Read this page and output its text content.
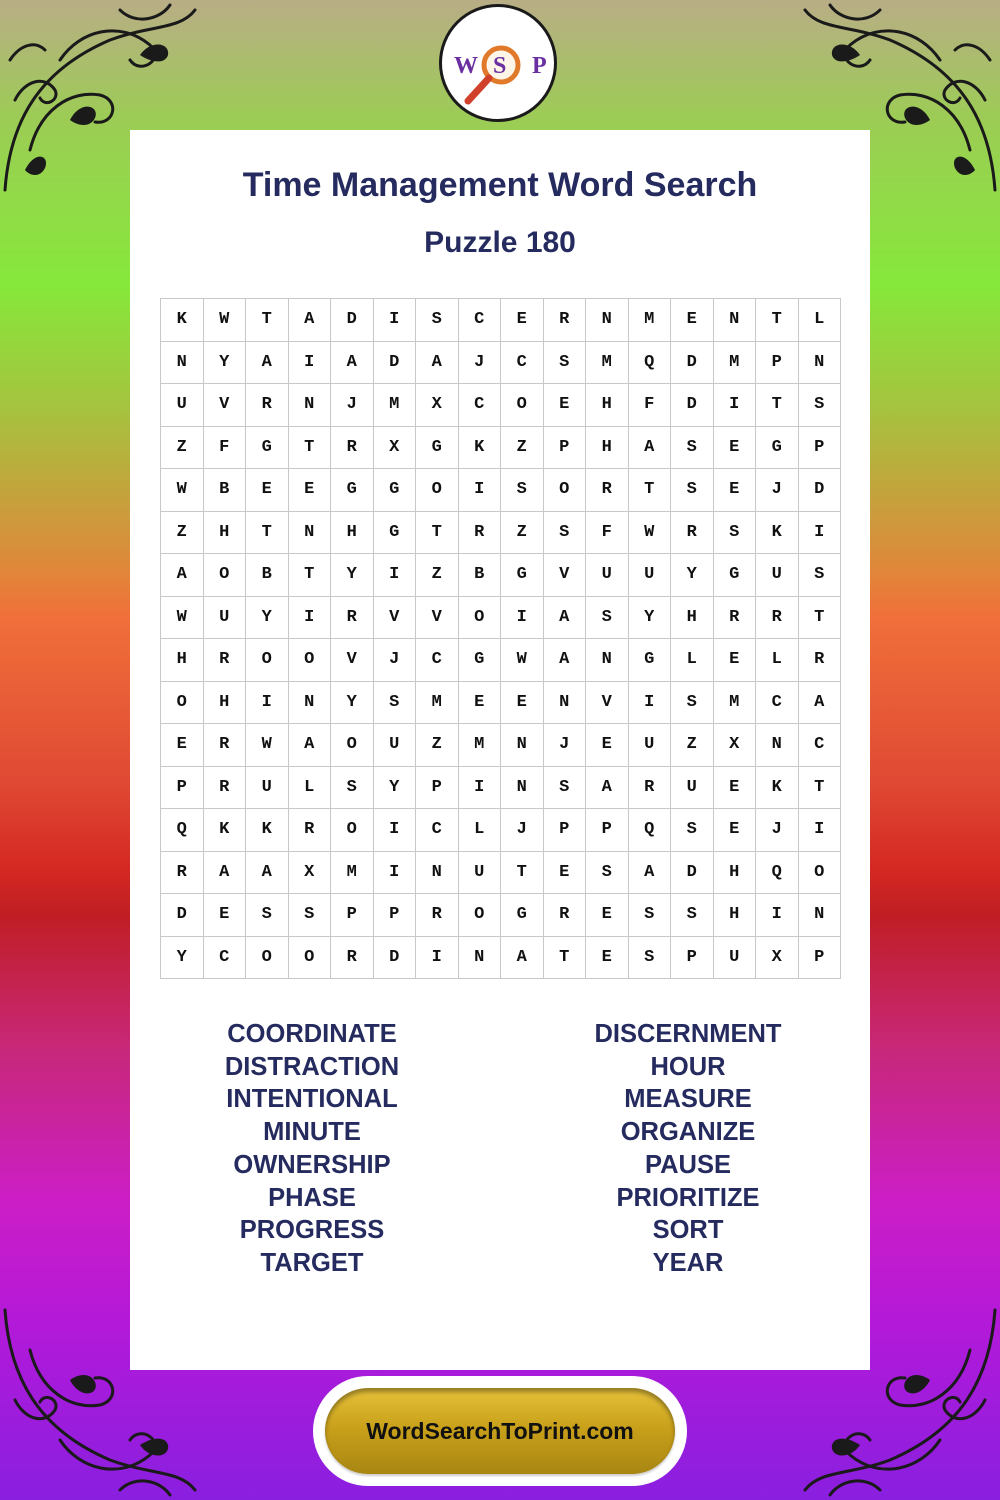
W S P
Time Management Word Search
Puzzle 180
K	W	T	A	D	I	S	C	E	R	N	M	E	N	T	L
N	Y	A	I	A	D	A	J	C	S	M	Q	D	M	P	N
U	V	R	N	J	M	X	C	O	E	H	F	D	I	T	S
Z	F	G	T	R	X	G	K	Z	P	H	A	S	E	G	P
W	B	E	E	G	G	O	I	S	O	R	T	S	E	J	D
Z	H	T	N	H	G	T	R	Z	S	F	W	R	S	K	I
A	O	B	T	Y	I	Z	B	G	V	U	U	Y	G	U	S
W	U	Y	I	R	V	V	O	I	A	S	Y	H	R	R	T
H	R	O	O	V	J	C	G	W	A	N	G	L	E	L	R
O	H	I	N	Y	S	M	E	E	N	V	I	S	M	C	A
E	R	W	A	O	U	Z	M	N	J	E	U	Z	X	N	C
P	R	U	L	S	Y	P	I	N	S	A	R	U	E	K	T
Q	K	K	R	O	I	C	L	J	P	P	Q	S	E	J	I
R	A	A	X	M	I	N	U	T	E	S	A	D	H	Q	O
D	E	S	S	P	P	R	O	G	R	E	S	S	H	I	N
Y	C	O	O	R	D	I	N	A	T	E	S	P	U	X	P
COORDINATE
DISTRACTION
INTENTIONAL
MINUTE
OWNERSHIP
PHASE
PROGRESS
TARGET
DISCERNMENT
HOUR
MEASURE
ORGANIZE
PAUSE
PRIORITIZE
SORT
YEAR
WordSearchToPrint.com
